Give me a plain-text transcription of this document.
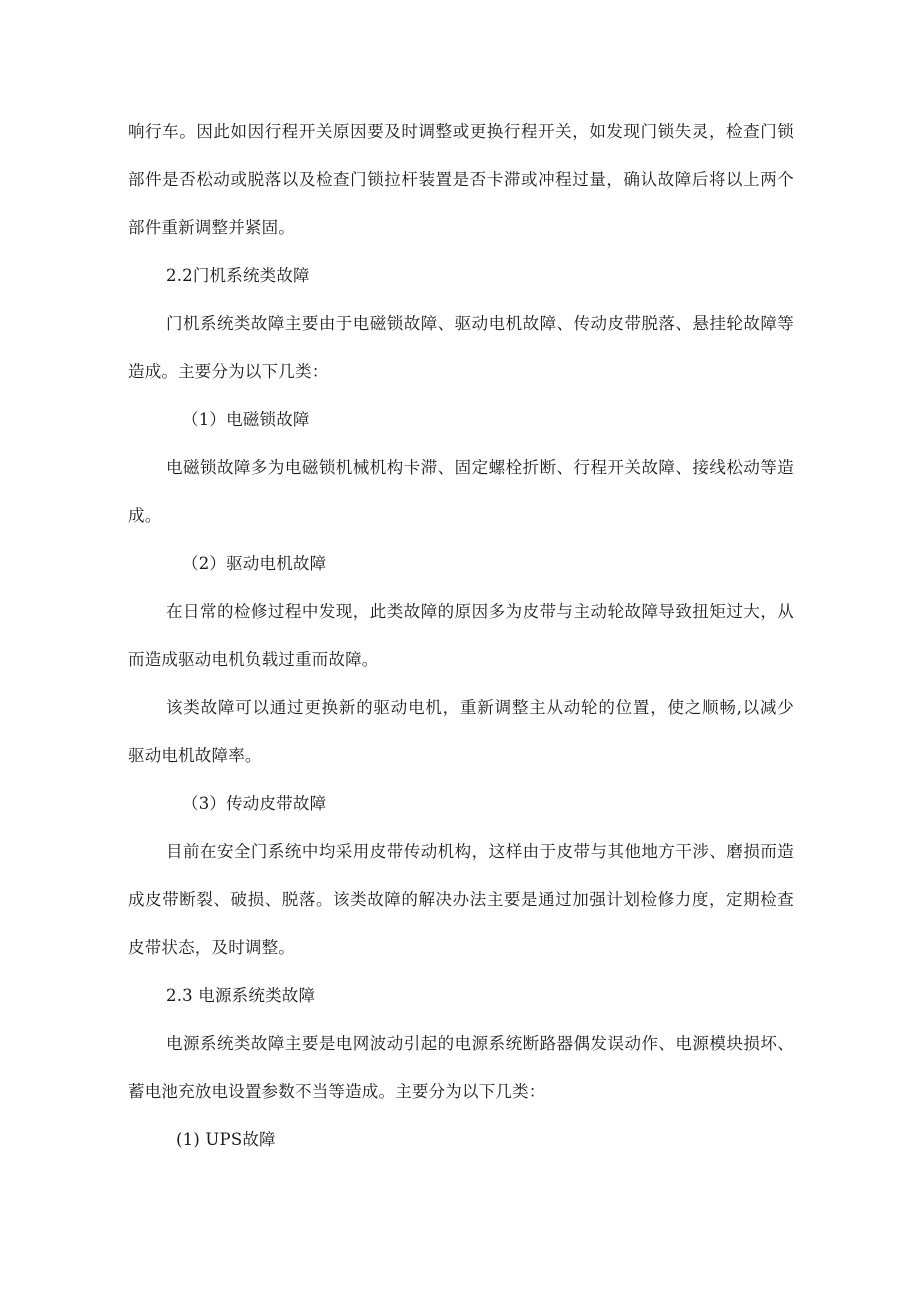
响行车。因此如因行程开关原因要及时调整或更换行程开关，如发现门锁失灵，检查门锁
部件是否松动或脱落以及检查门锁拉杆装置是否卡滞或冲程过量，确认故障后将以上两个
部件重新调整并紧固。
2.2门机系统类故障
门机系统类故障主要由于电磁锁故障、驱动电机故障、传动皮带脱落、悬挂轮故障等
造成。主要分为以下几类：
（1）电磁锁故障
电磁锁故障多为电磁锁机械机构卡滞、固定螺栓折断、行程开关故障、接线松动等造
成。
（2）驱动电机故障
在日常的检修过程中发现，此类故障的原因多为皮带与主动轮故障导致扭矩过大，从
而造成驱动电机负载过重而故障。
该类故障可以通过更换新的驱动电机，重新调整主从动轮的位置，使之顺畅,以减少
驱动电机故障率。
（3）传动皮带故障
目前在安全门系统中均采用皮带传动机构，这样由于皮带与其他地方干涉、磨损而造
成皮带断裂、破损、脱落。该类故障的解决办法主要是通过加强计划检修力度，定期检查
皮带状态，及时调整。
2.3 电源系统类故障
电源系统类故障主要是电网波动引起的电源系统断路器偶发误动作、电源模块损坏、
蓄电池充放电设置参数不当等造成。主要分为以下几类：
(1) UPS故障
